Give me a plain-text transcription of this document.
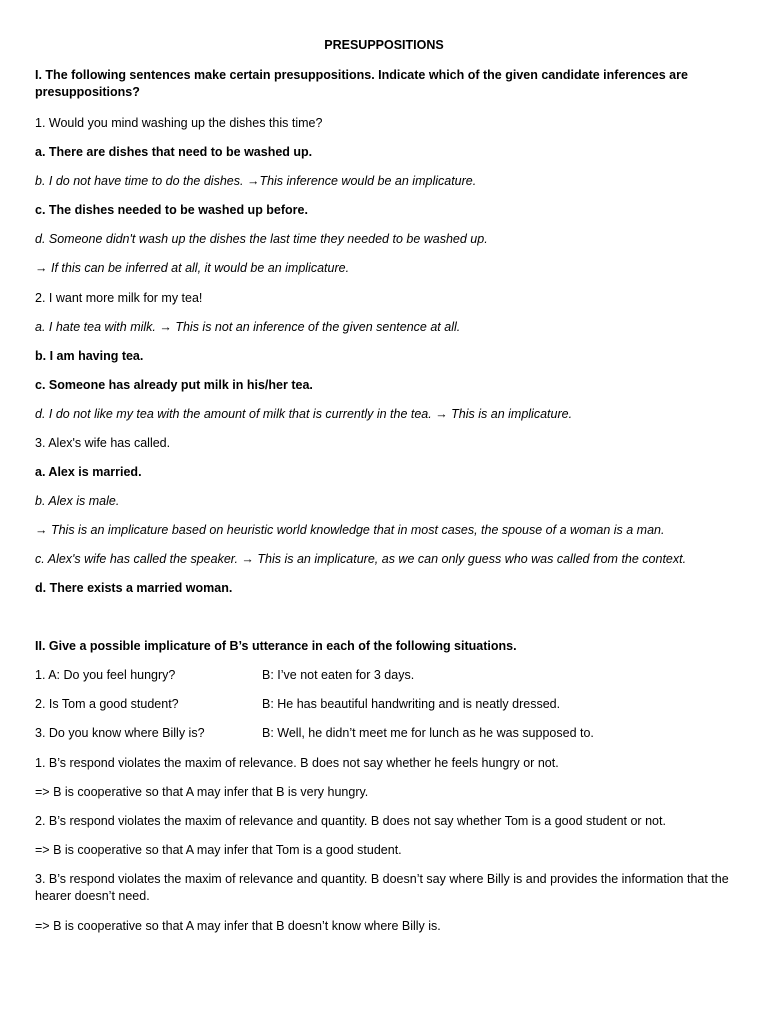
PRESUPPOSITIONS
I. The following sentences make certain presuppositions. Indicate which of the given candidate inferences are presuppositions?
1. Would you mind washing up the dishes this time?
a. There are dishes that need to be washed up.
b. I do not have time to do the dishes. →This inference would be an implicature.
c. The dishes needed to be washed up before.
d. Someone didn't wash up the dishes the last time they needed to be washed up.
→ If this can be inferred at all, it would be an implicature.
2. I want more milk for my tea!
a. I hate tea with milk. → This is not an inference of the given sentence at all.
b. I am having tea.
c. Someone has already put milk in his/her tea.
d. I do not like my tea with the amount of milk that is currently in the tea. → This is an implicature.
3. Alex's wife has called.
a. Alex is married.
b. Alex is male.
→ This is an implicature based on heuristic world knowledge that in most cases, the spouse of a woman is a man.
c. Alex's wife has called the speaker. → This is an implicature, as we can only guess who was called from the context.
d. There exists a married woman.
II. Give a possible implicature of B’s utterance in each of the following situations.
1. A: Do you feel hungry?	B: I’ve not eaten for 3 days.
2. Is Tom a good student?	B: He has beautiful handwriting and is neatly dressed.
3. Do you know where Billy is?	B: Well, he didn’t meet me for lunch as he was supposed to.
1. B’s respond violates the maxim of relevance. B does not say whether he feels hungry or not.
=> B is cooperative so that A may infer that B is very hungry.
2. B’s respond violates the maxim of relevance and quantity. B does not say whether Tom is a good student or not.
=> B is cooperative so that A may infer that Tom is a good student.
3. B’s respond violates the maxim of relevance and quantity. B doesn’t say where Billy is and provides the information that the hearer doesn’t need.
=> B is cooperative so that A may infer that B doesn’t know where Billy is.
